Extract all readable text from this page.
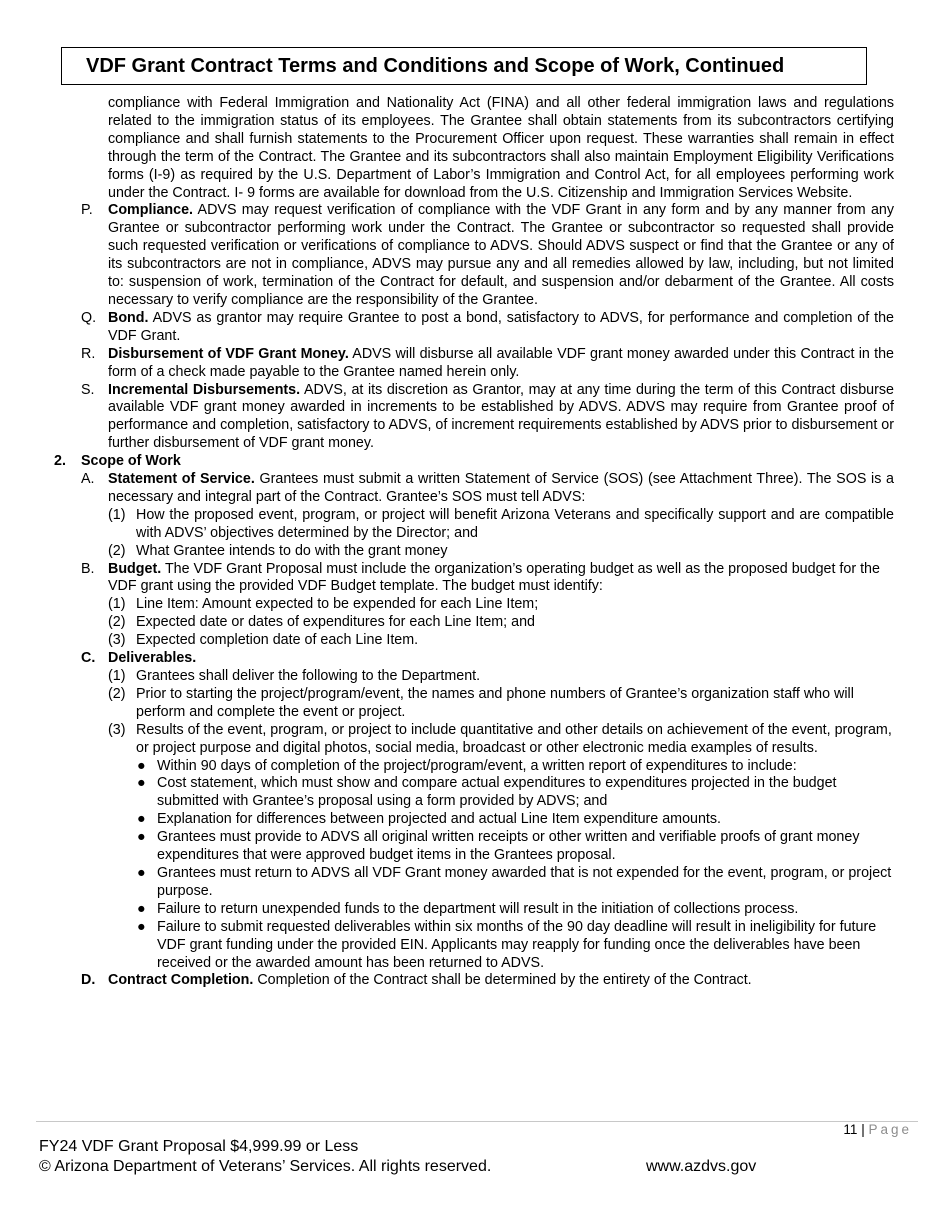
VDF Grant Contract Terms and Conditions and Scope of Work, Continued
compliance with Federal Immigration and Nationality Act (FINA) and all other federal immigration laws and regulations related to the immigration status of its employees. The Grantee shall obtain statements from its subcontractors certifying compliance and shall furnish statements to the Procurement Officer upon request. These warranties shall remain in effect through the term of the Contract. The Grantee and its subcontractors shall also maintain Employment Eligibility Verifications forms (I-9) as required by the U.S. Department of Labor’s Immigration and Control Act, for all employees performing work under the Contract. I- 9 forms are available for download from the U.S. Citizenship and Immigration Services Website.
P. Compliance. ADVS may request verification of compliance with the VDF Grant in any form and by any manner from any Grantee or subcontractor performing work under the Contract. The Grantee or subcontractor so requested shall provide such requested verification or verifications of compliance to ADVS. Should ADVS suspect or find that the Grantee or any of its subcontractors are not in compliance, ADVS may pursue any and all remedies allowed by law, including, but not limited to: suspension of work, termination of the Contract for default, and suspension and/or debarment of the Grantee. All costs necessary to verify compliance are the responsibility of the Grantee.
Q. Bond. ADVS as grantor may require Grantee to post a bond, satisfactory to ADVS, for performance and completion of the VDF Grant.
R. Disbursement of VDF Grant Money. ADVS will disburse all available VDF grant money awarded under this Contract in the form of a check made payable to the Grantee named herein only.
S. Incremental Disbursements. ADVS, at its discretion as Grantor, may at any time during the term of this Contract disburse available VDF grant money awarded in increments to be established by ADVS. ADVS may require from Grantee proof of performance and completion, satisfactory to ADVS, of increment requirements established by ADVS prior to disbursement or further disbursement of VDF grant money.
2. Scope of Work
A. Statement of Service. Grantees must submit a written Statement of Service (SOS) (see Attachment Three). The SOS is a necessary and integral part of the Contract. Grantee’s SOS must tell ADVS:
(1) How the proposed event, program, or project will benefit Arizona Veterans and specifically support and are compatible with ADVS’ objectives determined by the Director; and
(2) What Grantee intends to do with the grant money
B. Budget. The VDF Grant Proposal must include the organization’s operating budget as well as the proposed budget for the VDF grant using the provided VDF Budget template. The budget must identify:
(1) Line Item: Amount expected to be expended for each Line Item;
(2) Expected date or dates of expenditures for each Line Item; and
(3) Expected completion date of each Line Item.
C. Deliverables.
(1) Grantees shall deliver the following to the Department.
(2) Prior to starting the project/program/event, the names and phone numbers of Grantee’s organization staff who will perform and complete the event or project.
(3) Results of the event, program, or project to include quantitative and other details on achievement of the event, program, or project purpose and digital photos, social media, broadcast or other electronic media examples of results.
● Within 90 days of completion of the project/program/event, a written report of expenditures to include:
● Cost statement, which must show and compare actual expenditures to expenditures projected in the budget submitted with Grantee’s proposal using a form provided by ADVS; and
● Explanation for differences between projected and actual Line Item expenditure amounts.
● Grantees must provide to ADVS all original written receipts or other written and verifiable proofs of grant money expenditures that were approved budget items in the Grantees proposal.
● Grantees must return to ADVS all VDF Grant money awarded that is not expended for the event, program, or project purpose.
● Failure to return unexpended funds to the department will result in the initiation of collections process.
● Failure to submit requested deliverables within six months of the 90 day deadline will result in ineligibility for future VDF grant funding under the provided EIN. Applicants may reapply for funding once the deliverables have been received or the awarded amount has been returned to ADVS.
D. Contract Completion. Completion of the Contract shall be determined by the entirety of the Contract.
11 | Page
FY24 VDF Grant Proposal $4,999.99 or Less
© Arizona Department of Veterans’ Services. All rights reserved.	www.azdvs.gov
